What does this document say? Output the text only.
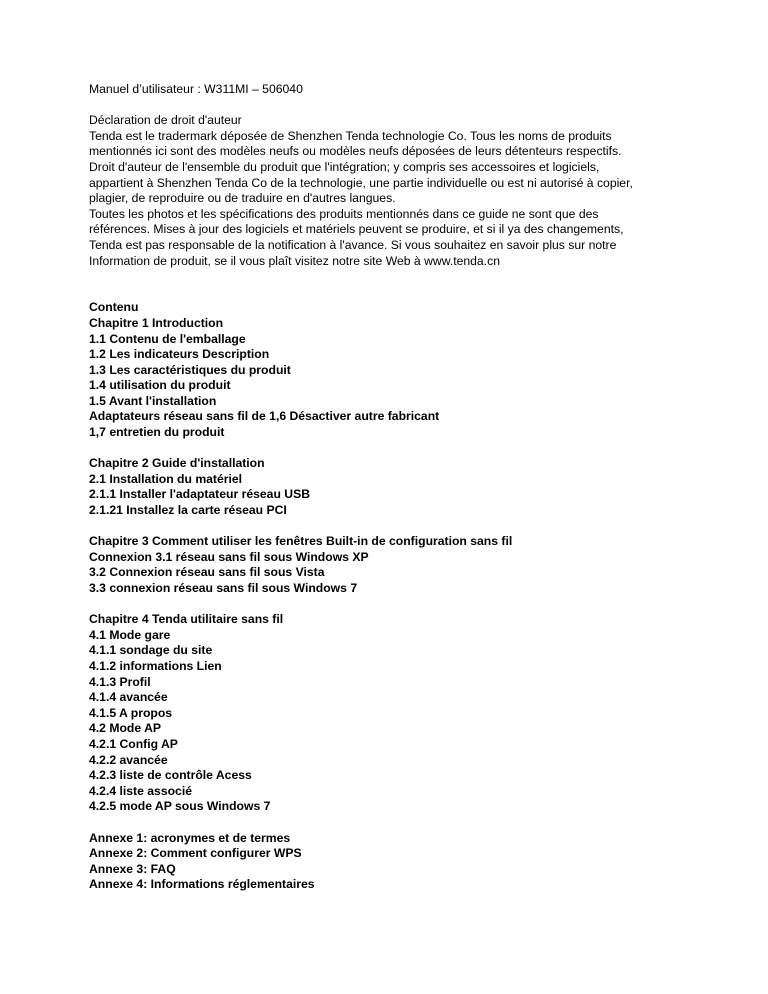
Manuel d’utilisateur : W311MI – 506040
Déclaration de droit d'auteur
Tenda est le tradermark déposée de Shenzhen Tenda technologie Co. Tous les noms de produits
mentionnés ici sont des modèles neufs ou modèles neufs déposées de leurs détenteurs respectifs.
Droit d'auteur de l'ensemble du produit que l'intégration; y compris ses accessoires et logiciels,
appartient à Shenzhen Tenda Co de la technologie, une partie individuelle ou est ni autorisé à copier,
plagier, de reproduire ou de traduire en d'autres langues.
Toutes les photos et les spécifications des produits mentionnés dans ce guide ne sont que des
références. Mises à jour des logiciels et matériels peuvent se produire, et si il ya des changements,
Tenda est pas responsable de la notification à l'avance. Si vous souhaitez en savoir plus sur notre
Information de produit, se il vous plaît visitez notre site Web à www.tenda.cn
Contenu
Chapitre 1 Introduction
1.1 Contenu de l'emballage
1.2 Les indicateurs Description
1.3 Les caractéristiques du produit
1.4 utilisation du produit
1.5 Avant l'installation
Adaptateurs réseau sans fil de 1,6 Désactiver autre fabricant
1,7 entretien du produit
Chapitre 2 Guide d'installation
2.1 Installation du matériel
2.1.1 Installer l'adaptateur réseau USB
2.1.21 Installez la carte réseau PCI
Chapitre 3 Comment utiliser les fenêtres Built-in de configuration sans fil
Connexion 3.1 réseau sans fil sous Windows XP
3.2 Connexion réseau sans fil sous Vista
3.3 connexion réseau sans fil sous Windows 7
Chapitre 4 Tenda utilitaire sans fil
4.1 Mode gare
4.1.1 sondage du site
4.1.2 informations Lien
4.1.3 Profil
4.1.4 avancée
4.1.5 A propos
4.2 Mode AP
4.2.1 Config AP
4.2.2 avancée
4.2.3 liste de contrôle Acess
4.2.4 liste associé
4.2.5 mode AP sous Windows 7
Annexe 1: acronymes et de termes
Annexe 2: Comment configurer WPS
Annexe 3: FAQ
Annexe 4: Informations réglementaires
